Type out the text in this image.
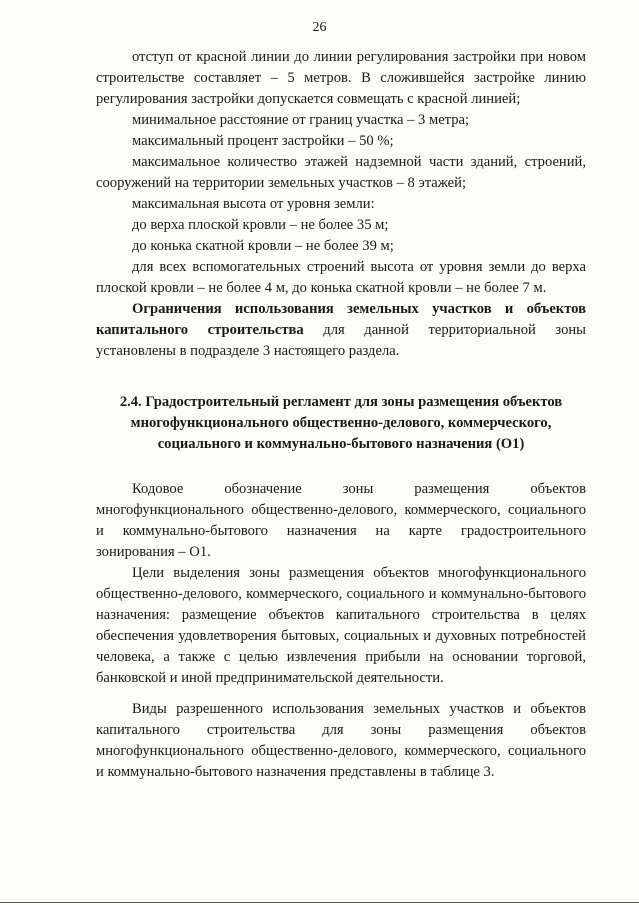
26

отступ от красной линии до линии регулирования застройки при новом строительстве составляет – 5 метров. В сложившейся застройке линию регулирования застройки допускается совмещать с красной линией;

минимальное расстояние от границ участка – 3 метра;

максимальный процент застройки – 50 %;

максимальное количество этажей надземной части зданий, строений, сооружений на территории земельных участков – 8 этажей;

максимальная высота от уровня земли:

до верха плоской кровли – не более 35 м;

до конька скатной кровли – не более 39 м;

для всех вспомогательных строений высота от уровня земли до верха плоской кровли – не более 4 м, до конька скатной кровли – не более 7 м.

Ограничения использования земельных участков и объектов капитального строительства для данной территориальной зоны установлены в подразделе 3 настоящего раздела.

2.4. Градостроительный регламент для зоны размещения объектов многофункционального общественно-делового, коммерческого, социального и коммунально-бытового назначения (О1)

Кодовое обозначение зоны размещения объектов многофункционального общественно-делового, коммерческого, социального и коммунально-бытового назначения на карте градостроительного зонирования – О1.

Цели выделения зоны размещения объектов многофункционального общественно-делового, коммерческого, социального и коммунально-бытового назначения: размещение объектов капитального строительства в целях обеспечения удовлетворения бытовых, социальных и духовных потребностей человека, а также с целью извлечения прибыли на основании торговой, банковской и иной предпринимательской деятельности.

Виды разрешенного использования земельных участков и объектов капитального строительства для зоны размещения объектов многофункционального общественно-делового, коммерческого, социального и коммунально-бытового назначения представлены в таблице 3.
